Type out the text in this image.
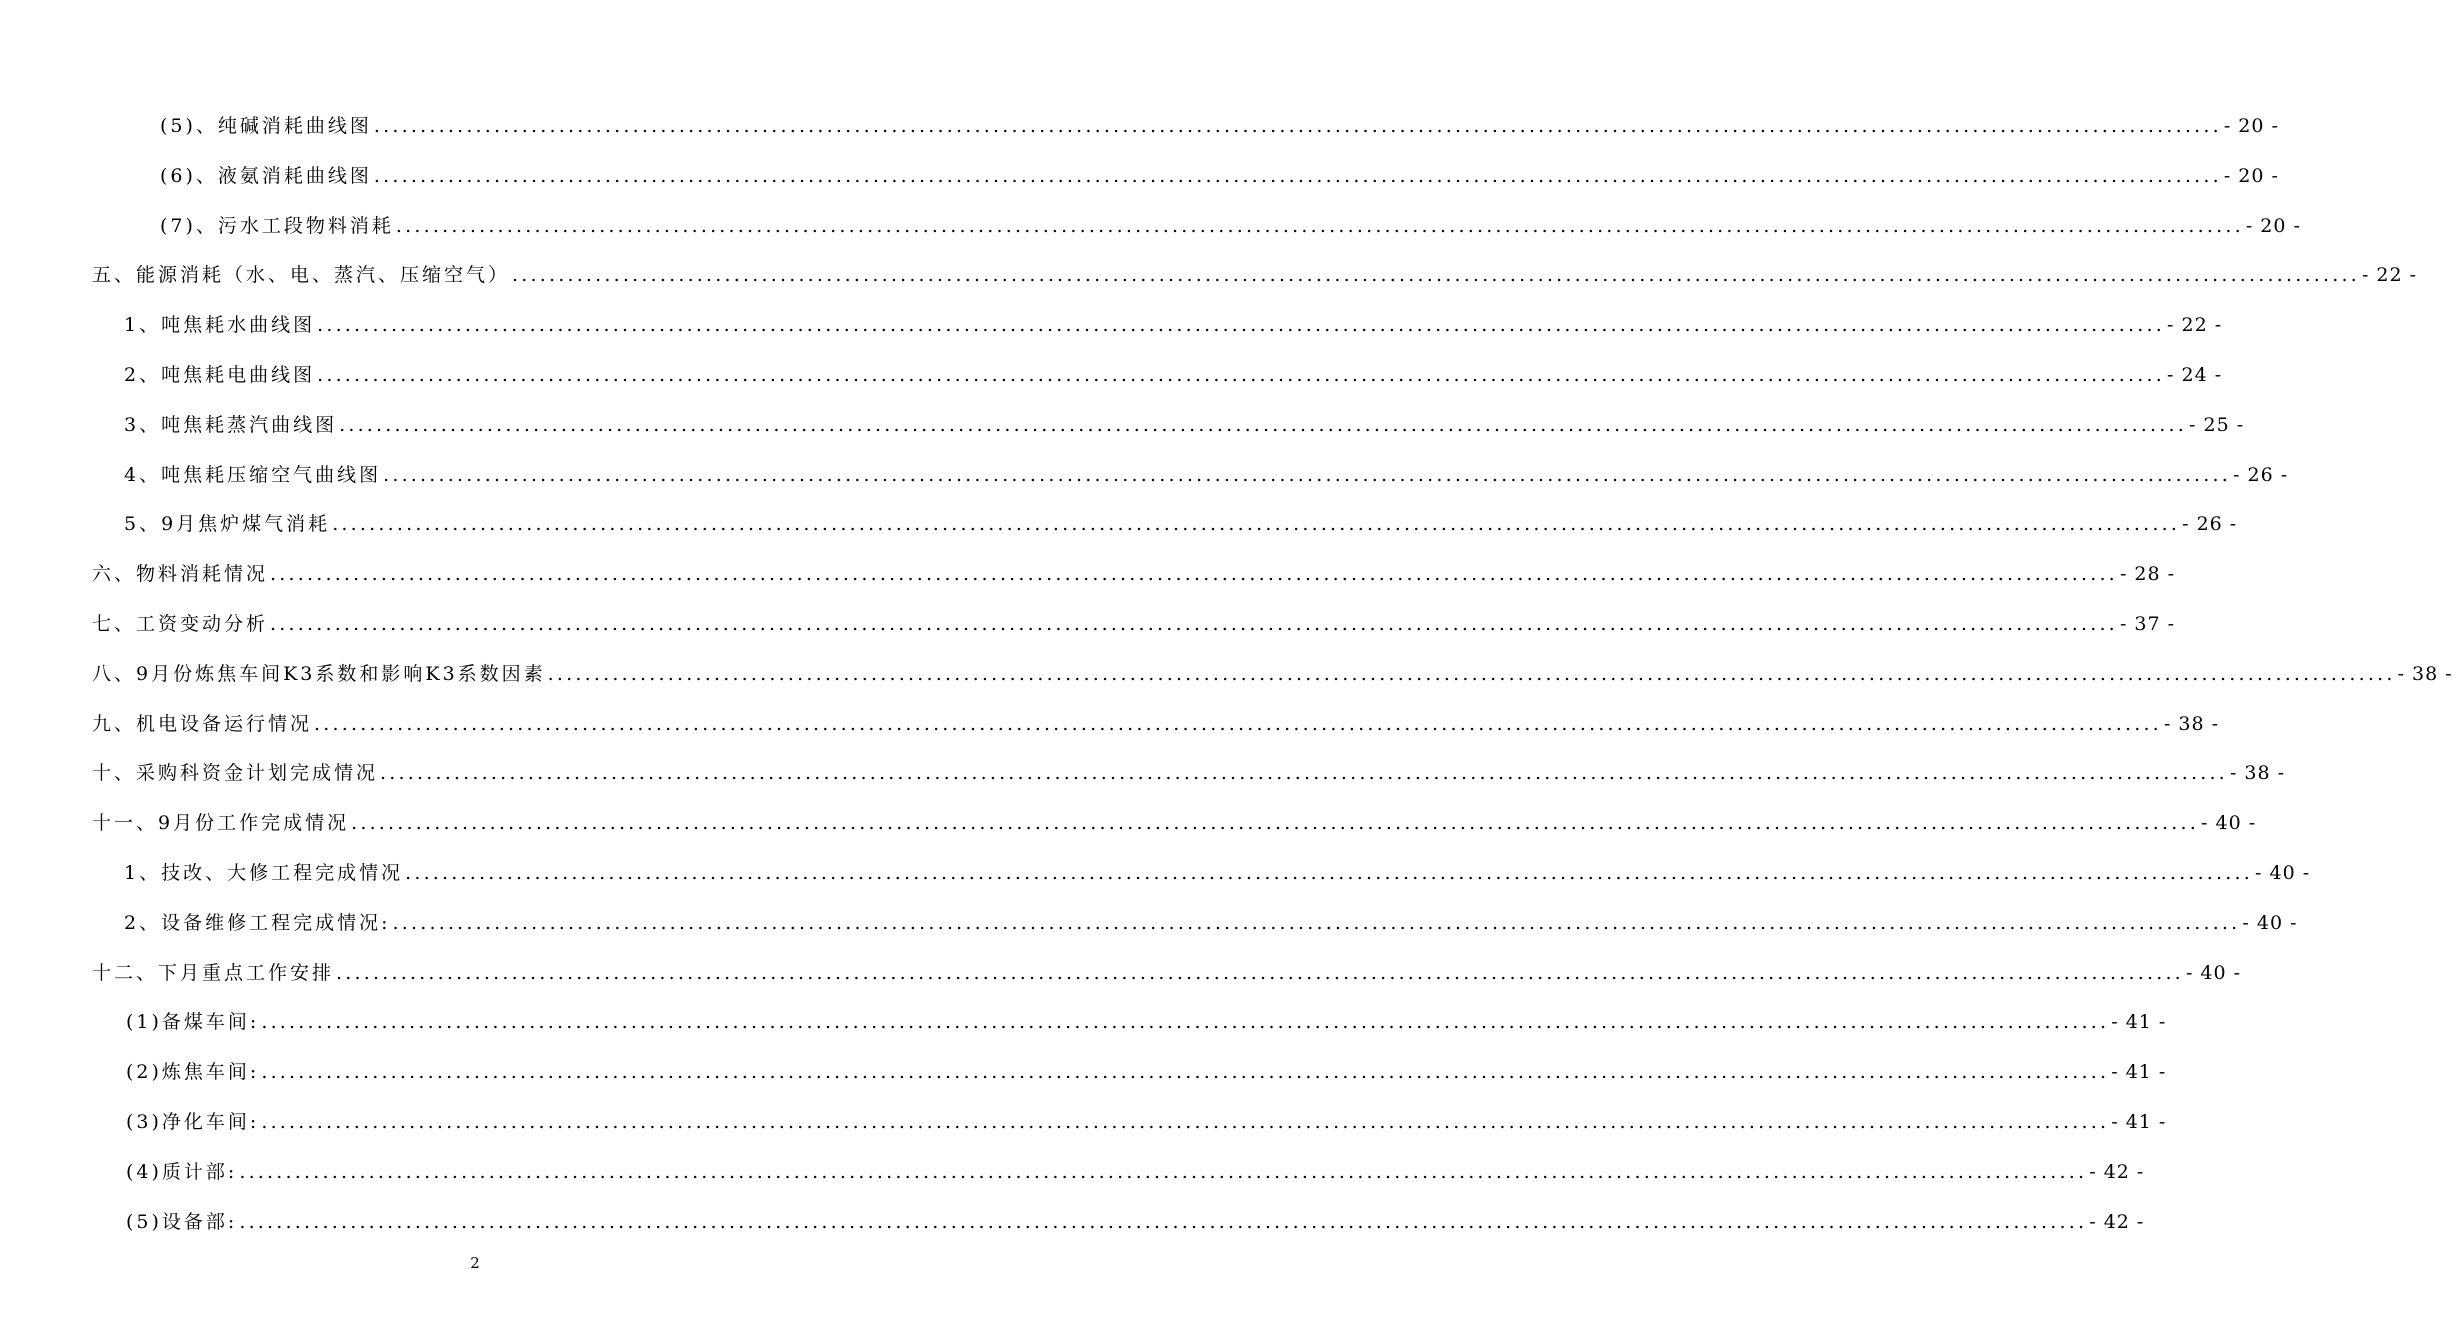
(5)、纯碱消耗曲线图 ........................................................................................................................................................................................................ - 20 -
(6)、液氨消耗曲线图 ........................................................................................................................................................................................................ - 20 -
(7)、污水工段物料消耗 ........................................................................................................................................................................................................ - 20 -
五、能源消耗（水、电、蒸汽、压缩空气） ........................................................................................................................................................................................................ - 22 -
1、吨焦耗水曲线图 ........................................................................................................................................................................................................ - 22 -
2、吨焦耗电曲线图 ........................................................................................................................................................................................................ - 24 -
3、吨焦耗蒸汽曲线图 ........................................................................................................................................................................................................ - 25 -
4、吨焦耗压缩空气曲线图 ........................................................................................................................................................................................................ - 26 -
5、9月焦炉煤气消耗 ........................................................................................................................................................................................................ - 26 -
六、物料消耗情况 ........................................................................................................................................................................................................ - 28 -
七、工资变动分析 ........................................................................................................................................................................................................ - 37 -
八、9月份炼焦车间K3系数和影响K3系数因素 ........................................................................................................................................................................................................ - 38 -
九、机电设备运行情况 ........................................................................................................................................................................................................ - 38 -
十、采购科资金计划完成情况 ........................................................................................................................................................................................................ - 38 -
十一、9月份工作完成情况 ........................................................................................................................................................................................................ - 40 -
1、技改、大修工程完成情况 ........................................................................................................................................................................................................ - 40 -
2、设备维修工程完成情况: ........................................................................................................................................................................................................ - 40 -
十二、下月重点工作安排 ........................................................................................................................................................................................................ - 40 -
(1)备煤车间: ........................................................................................................................................................................................................ - 41 -
(2)炼焦车间: ........................................................................................................................................................................................................ - 41 -
(3)净化车间: ........................................................................................................................................................................................................ - 41 -
(4)质计部: ........................................................................................................................................................................................................ - 42 -
(5)设备部: ........................................................................................................................................................................................................ - 42 -
2
